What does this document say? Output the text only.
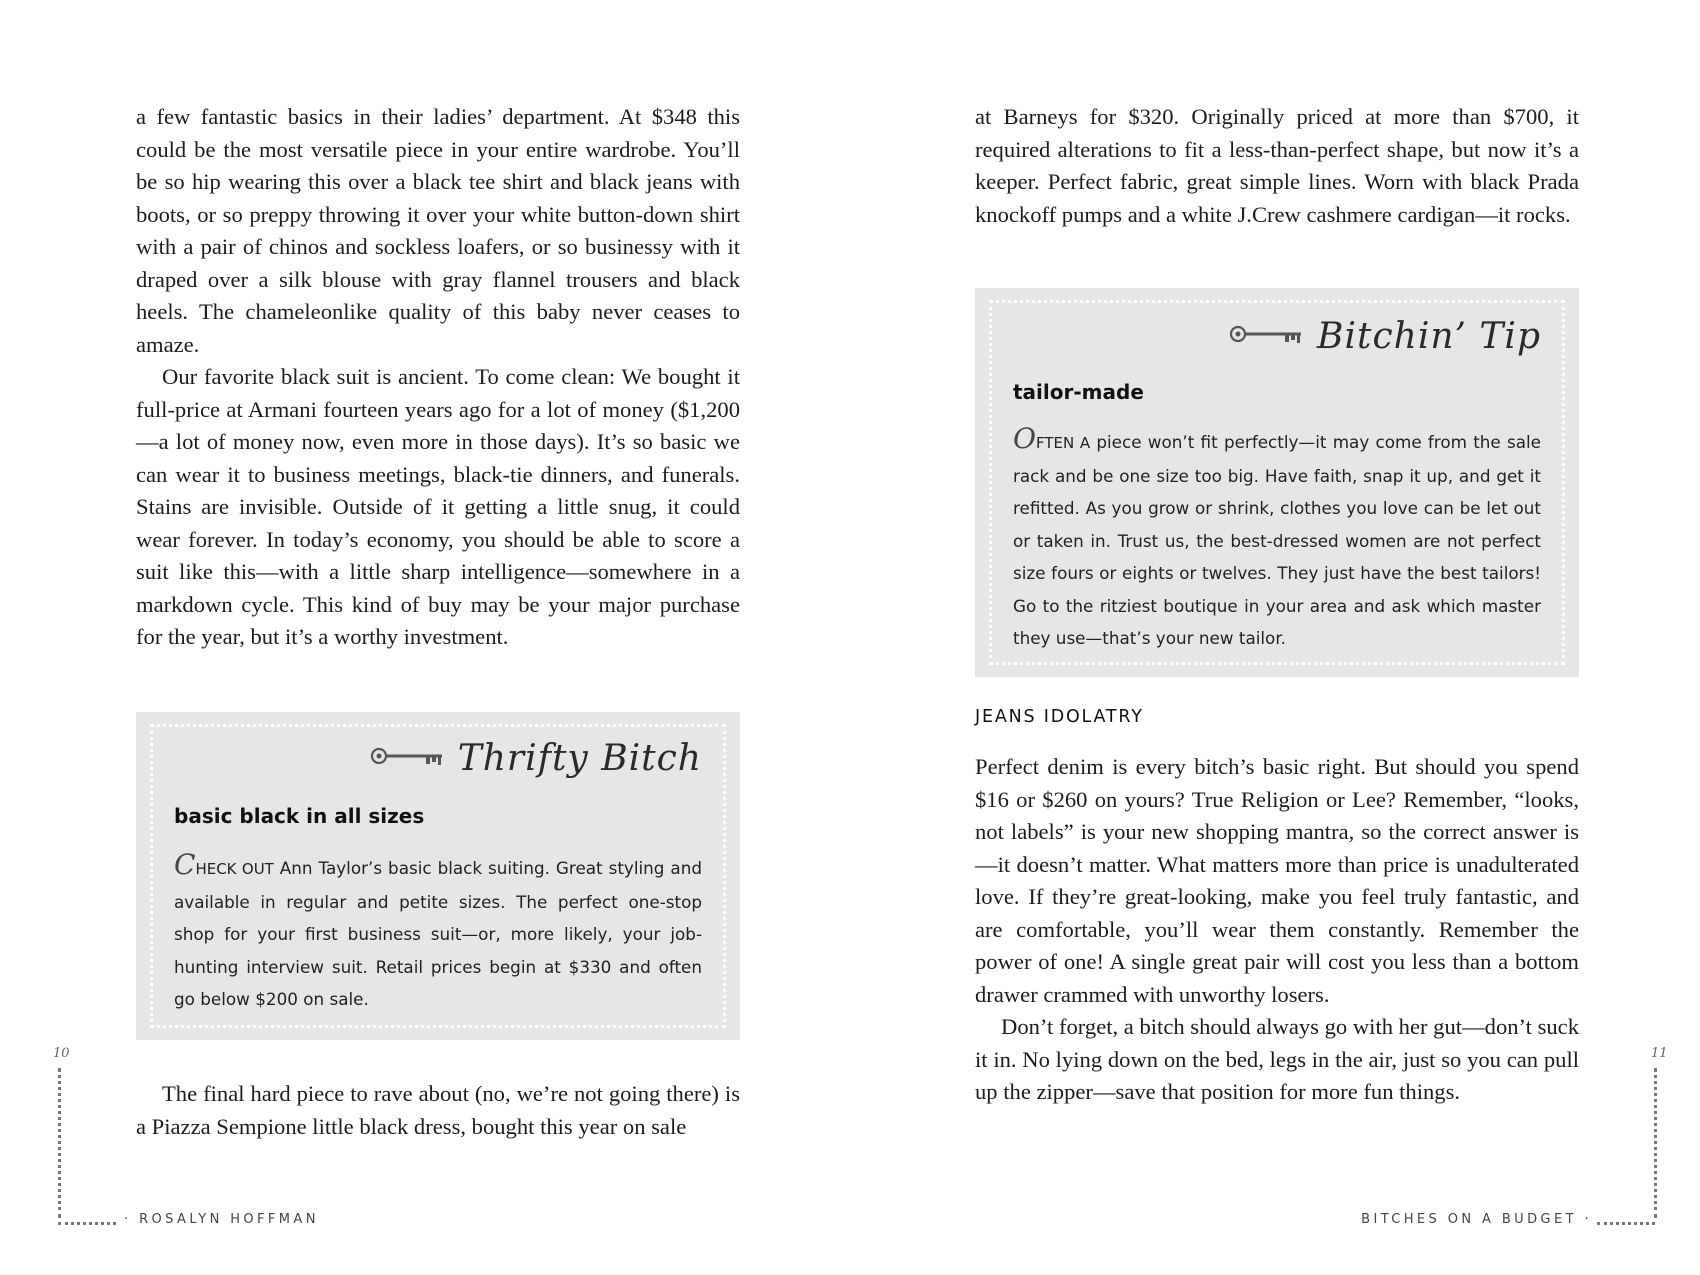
a few fantastic basics in their ladies’ department. At $348 this could be the most versatile piece in your entire wardrobe. You’ll be so hip wearing this over a black tee shirt and black jeans with boots, or so preppy throwing it over your white button-down shirt with a pair of chinos and sockless loafers, or so businessy with it draped over a silk blouse with gray flannel trousers and black heels. The chameleonlike quality of this baby never ceases to amaze.

Our favorite black suit is ancient. To come clean: We bought it full-price at Armani fourteen years ago for a lot of money ($1,200—a lot of money now, even more in those days). It’s so basic we can wear it to business meetings, black-tie dinners, and funerals. Stains are invisible. Outside of it getting a little snug, it could wear forever. In today’s economy, you should be able to score a suit like this—with a little sharp intelligence—somewhere in a markdown cycle. This kind of buy may be your major purchase for the year, but it’s a worthy investment.

Thrifty Bitch
basic black in all sizes
CHECK OUT Ann Taylor’s basic black suiting. Great styling and available in regular and petite sizes. The perfect one-stop shop for your first business suit—or, more likely, your job-hunting interview suit. Retail prices begin at $330 and often go below $200 on sale.

The final hard piece to rave about (no, we’re not going there) is a Piazza Sempione little black dress, bought this year on sale

10
· ROSALYN HOFFMAN

at Barneys for $320. Originally priced at more than $700, it required alterations to fit a less-than-perfect shape, but now it’s a keeper. Perfect fabric, great simple lines. Worn with black Prada knockoff pumps and a white J.Crew cashmere cardigan—it rocks.

Bitchin’ Tip
tailor-made
OFTEN A piece won’t fit perfectly—it may come from the sale rack and be one size too big. Have faith, snap it up, and get it refitted. As you grow or shrink, clothes you love can be let out or taken in. Trust us, the best-dressed women are not perfect size fours or eights or twelves. They just have the best tailors! Go to the ritziest boutique in your area and ask which master they use—that’s your new tailor.
JEANS IDOLATRY

Perfect denim is every bitch’s basic right. But should you spend $16 or $260 on yours? True Religion or Lee? Remember, “looks, not labels” is your new shopping mantra, so the correct answer is—it doesn’t matter. What matters more than price is unadulterated love. If they’re great-looking, make you feel truly fantastic, and are comfortable, you’ll wear them constantly. Remember the power of one! A single great pair will cost you less than a bottom drawer crammed with unworthy losers.

Don’t forget, a bitch should always go with her gut—don’t suck it in. No lying down on the bed, legs in the air, just so you can pull up the zipper—save that position for more fun things.

11
BITCHES ON A BUDGET ·
